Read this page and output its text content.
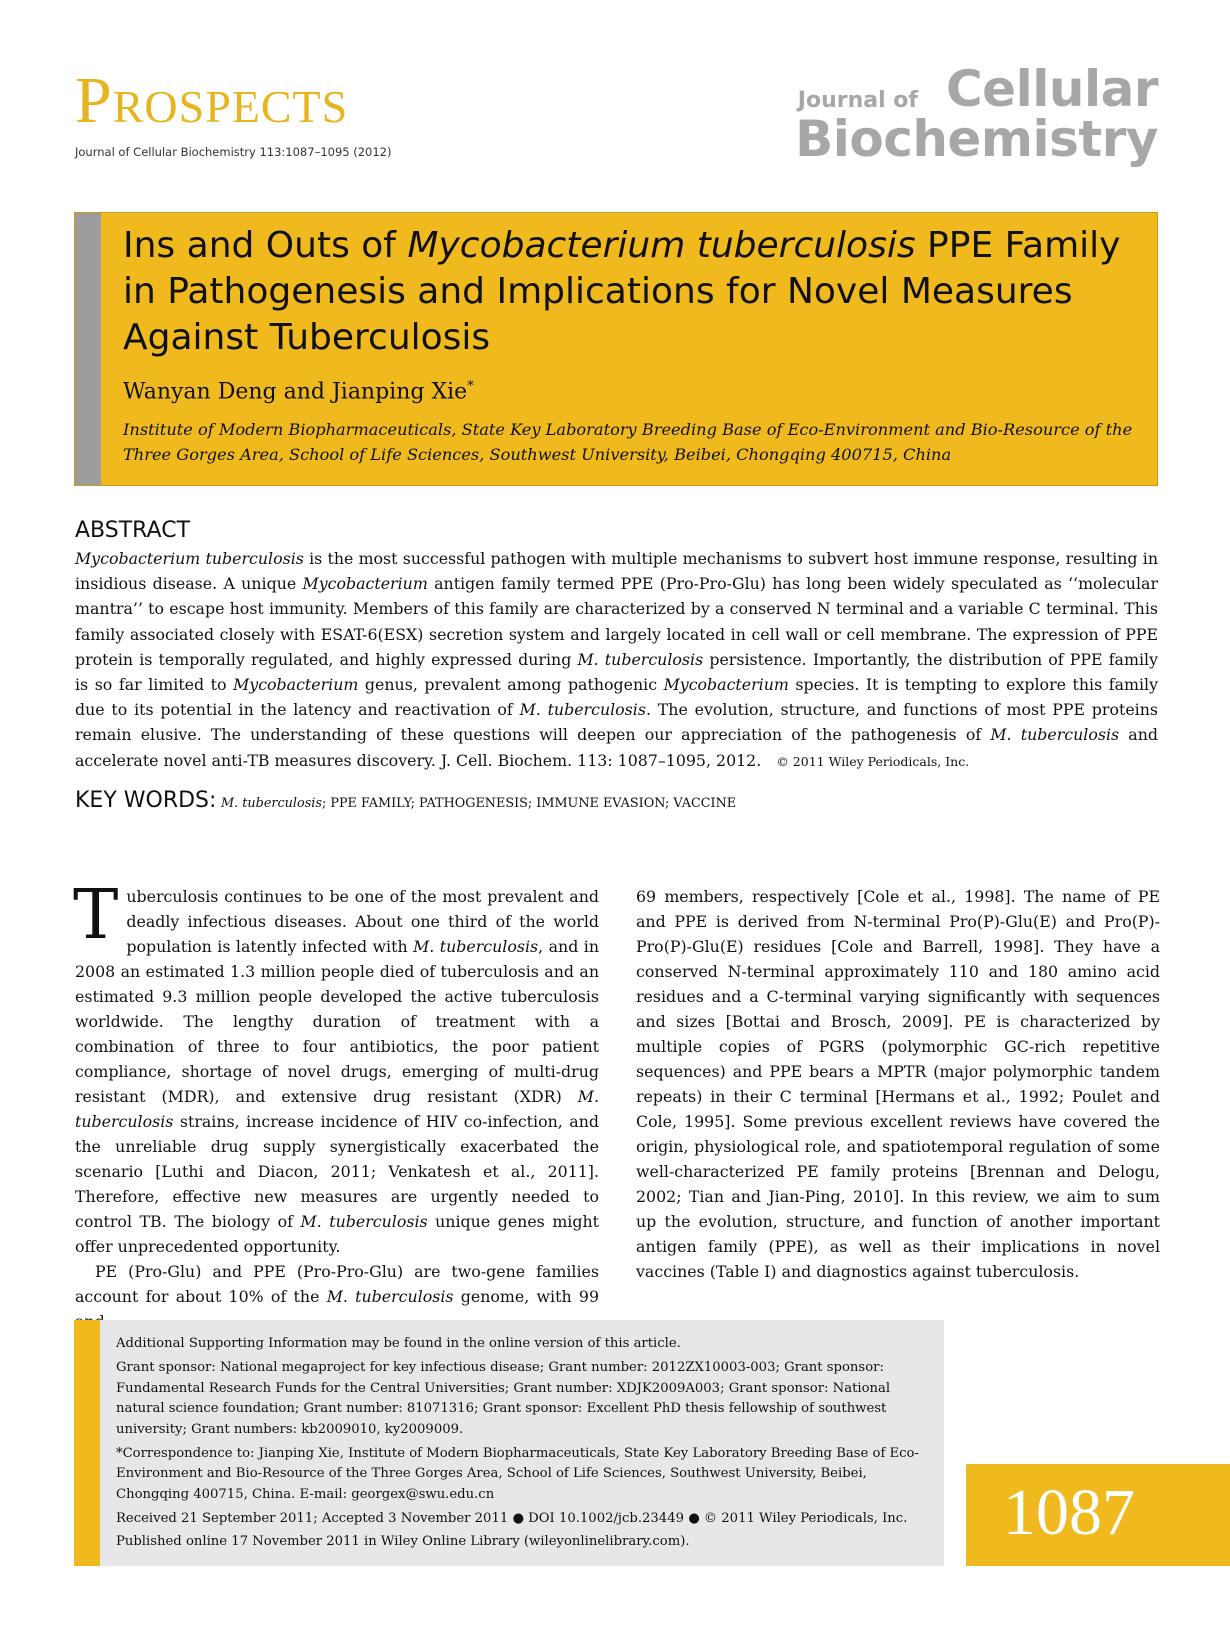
Prospects
Journal of Cellular Biochemistry 113:1087–1095 (2012)
Journal of Cellular
Biochemistry
Ins and Outs of Mycobacterium tuberculosis PPE Family in Pathogenesis and Implications for Novel Measures Against Tuberculosis
Wanyan Deng and Jianping Xie*
Institute of Modern Biopharmaceuticals, State Key Laboratory Breeding Base of Eco-Environment and Bio-Resource of the Three Gorges Area, School of Life Sciences, Southwest University, Beibei, Chongqing 400715, China
ABSTRACT
Mycobacterium tuberculosis is the most successful pathogen with multiple mechanisms to subvert host immune response, resulting in insidious disease. A unique Mycobacterium antigen family termed PPE (Pro-Pro-Glu) has long been widely speculated as ‘‘molecular mantra’’ to escape host immunity. Members of this family are characterized by a conserved N terminal and a variable C terminal. This family associated closely with ESAT-6(ESX) secretion system and largely located in cell wall or cell membrane. The expression of PPE protein is temporally regulated, and highly expressed during M. tuberculosis persistence. Importantly, the distribution of PPE family is so far limited to Mycobacterium genus, prevalent among pathogenic Mycobacterium species. It is tempting to explore this family due to its potential in the latency and reactivation of M. tuberculosis. The evolution, structure, and functions of most PPE proteins remain elusive. The understanding of these questions will deepen our appreciation of the pathogenesis of M. tuberculosis and accelerate novel anti-TB measures discovery. J. Cell. Biochem. 113: 1087–1095, 2012. © 2011 Wiley Periodicals, Inc.
KEY WORDS: M. tuberculosis; PPE FAMILY; PATHOGENESIS; IMMUNE EVASION; VACCINE

Tuberculosis continues to be one of the most prevalent and deadly infectious diseases. About one third of the world population is latently infected with M. tuberculosis, and in 2008 an estimated 1.3 million people died of tuberculosis and an estimated 9.3 million people developed the active tuberculosis worldwide. The lengthy duration of treatment with a combination of three to four antibiotics, the poor patient compliance, shortage of novel drugs, emerging of multi-drug resistant (MDR), and extensive drug resistant (XDR) M. tuberculosis strains, increase incidence of HIV co-infection, and the unreliable drug supply synergistically exacerbated the scenario [Luthi and Diacon, 2011; Venkatesh et al., 2011]. Therefore, effective new measures are urgently needed to control TB. The biology of M. tuberculosis unique genes might offer unprecedented opportunity.

PE (Pro-Glu) and PPE (Pro-Pro-Glu) are two-gene families account for about 10% of the M. tuberculosis genome, with 99

69 members, respectively [Cole et al., 1998]. The name of PE and PPE is derived from N-terminal Pro(P)-Glu(E) and Pro(P)-Pro(P)-Glu(E) residues [Cole and Barrell, 1998]. They have a conserved N-terminal approximately 110 and 180 amino acid residues and a C-terminal varying significantly with sequences and sizes [Bottai and Brosch, 2009]. PE is characterized by multiple copies of PGRS (polymorphic GC-rich repetitive sequences) and PPE bears a MPTR (major polymorphic tandem repeats) in their C terminal [Hermans et al., 1992; Poulet and Cole, 1995]. Some previous excellent reviews have covered the origin, physiological role, and spatiotemporal regulation of some well-characterized PE family proteins [Brennan and Delogu, 2002; Tian and Jian-Ping, 2010]. In this review, we aim to sum up the evolution, structure, and function of another important antigen family (PPE), as well as their implications in novel vaccines (Table I) and diagnostics against tuberculosis.

Additional Supporting Information may be found in the online version of this article.

Grant sponsor: National megaproject for key infectious disease; Grant number: 2012ZX10003-003; Grant sponsor: Fundamental Research Funds for the Central Universities; Grant number: XDJK2009A003; Grant sponsor: National natural science foundation; Grant number: 81071316; Grant sponsor: Excellent PhD thesis fellowship of southwest university; Grant numbers: kb2009010, ky2009009.

*Correspondence to: Jianping Xie, Institute of Modern Biopharmaceuticals, State Key Laboratory Breeding Base of Eco-Environment and Bio-Resource of the Three Gorges Area, School of Life Sciences, Southwest University, Beibei, Chongqing 400715, China. E-mail: georgex@swu.edu.cn

Received 21 September 2011; Accepted 3 November 2011 ● DOI 10.1002/jcb.23449 ● © 2011 Wiley Periodicals, Inc.

Published online 17 November 2011 in Wiley Online Library (wileyonlinelibrary.com).	1087
